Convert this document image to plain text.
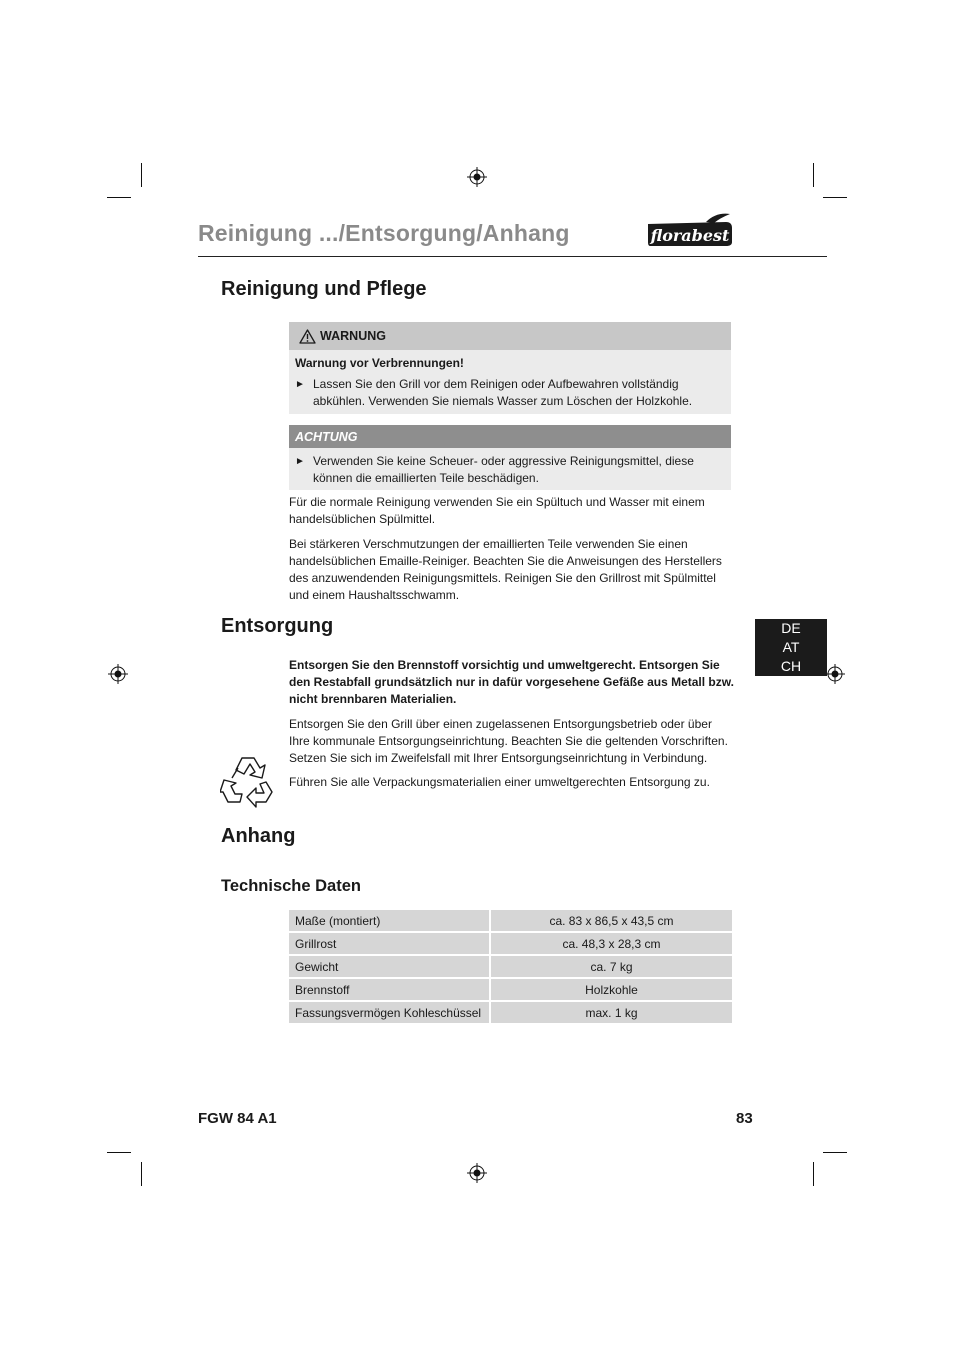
Reinigung .../Entsorgung/Anhang	florabest
Reinigung und Pflege
WARNUNG
Warnung vor Verbrennungen!
► Lassen Sie den Grill vor dem Reinigen oder Aufbewahren vollständig abkühlen. Verwenden Sie niemals Wasser zum Löschen der Holzkohle.
ACHTUNG
► Verwenden Sie keine Scheuer- oder aggressive Reinigungsmittel, diese können die emaillierten Teile beschädigen.

Für die normale Reinigung verwenden Sie ein Spültuch und Wasser mit einem handelsüblichen Spülmittel.

Bei stärkeren Verschmutzungen der emaillierten Teile verwenden Sie einen handelsüblichen Emaille-Reiniger. Beachten Sie die Anweisungen des Herstellers des anzuwendenden Reinigungsmittels. Reinigen Sie den Grillrost mit Spülmittel und einem Haushaltsschwamm.

Entsorgung	DE
AT
CH

Entsorgen Sie den Brennstoff vorsichtig und umweltgerecht. Entsorgen Sie den Restabfall grundsätzlich nur in dafür vorgesehene Gefäße aus Metall bzw. nicht brennbaren Materialien.

Entsorgen Sie den Grill über einen zugelassenen Entsorgungsbetrieb oder über Ihre kommunale Entsorgungseinrichtung. Beachten Sie die geltenden Vorschriften. Setzen Sie sich im Zweifelsfall mit Ihrer Entsorgungseinrichtung in Verbindung.

Führen Sie alle Verpackungsmaterialien einer umweltgerechten Entsorgung zu.

Anhang
Technische Daten
Maße (montiert)	ca. 83 x 86,5 x 43,5 cm
Grillrost	ca. 48,3 x 28,3 cm
Gewicht	ca. 7 kg
Brennstoff	Holzkohle
Fassungsvermögen Kohleschüssel	max. 1 kg
FGW 84 A1	83
